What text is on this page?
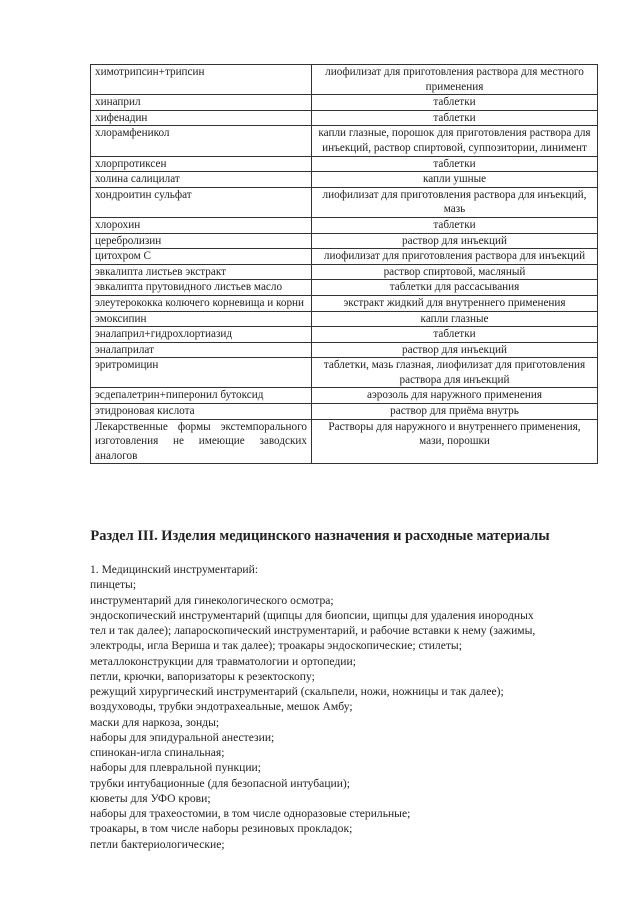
химотрипсин+трипсин	лиофилизат для приготовления раствора для местного применения
хинаприл	таблетки
хифенадин	таблетки
хлорамфеникол	капли глазные, порошок для приготовления раствора для инъекций, раствор спиртовой, суппозитории, линимент
хлорпротиксен	таблетки
холина салицилат	капли ушные
хондроитин сульфат	лиофилизат для приготовления раствора для инъекций, мазь
хлорохин	таблетки
церебролизин	раствор для инъекций
цитохром С	лиофилизат для приготовления раствора для инъекций
эвкалипта листьев экстракт	раствор спиртовой, масляный
эвкалипта прутовидного листьев масло	таблетки для рассасывания
элеутерококка колючего корневища и корни	экстракт жидкий для внутреннего применения
эмоксипин	капли глазные
эналаприл+гидрохлортиазид	таблетки
эналаприлат	раствор для инъекций
эритромицин	таблетки, мазь глазная, лиофилизат для приготовления раствора для инъекций
эсдепалетрин+пиперонил бутоксид	аэрозоль для наружного применения
этидроновая кислота	раствор для приёма внутрь
Лекарственные формы экстемпорального изготовления не имеющие заводских аналогов	Растворы для наружного и внутреннего применения, мази, порошки
Раздел III. Изделия медицинского назначения и расходные материалы
1. Медицинский инструментарий:
пинцеты;
инструментарий для гинекологического осмотра;
эндоскопический инструментарий (щипцы для биопсии, щипцы для удаления инородных
тел и так далее); лапароскопический инструментарий, и рабочие вставки к нему (зажимы,
электроды, игла Вериша и так далее); троакары эндоскопические; стилеты;
металлоконструкции для травматологии и ортопедии;
петли, крючки, вапоризаторы к резектоскопу;
режущий хирургический инструментарий (скальпели, ножи, ножницы и так далее);
воздуховоды, трубки эндотрахеальные, мешок Амбу;
маски для наркоза, зонды;
наборы для эпидуральной анестезии;
спинокан-игла спинальная;
наборы для плевральной пункции;
трубки интубационные (для безопасной интубации);
кюветы для УФО крови;
наборы для трахеостомии, в том числе одноразовые стерильные;
троакары, в том числе наборы резиновых прокладок;
петли бактериологические;
